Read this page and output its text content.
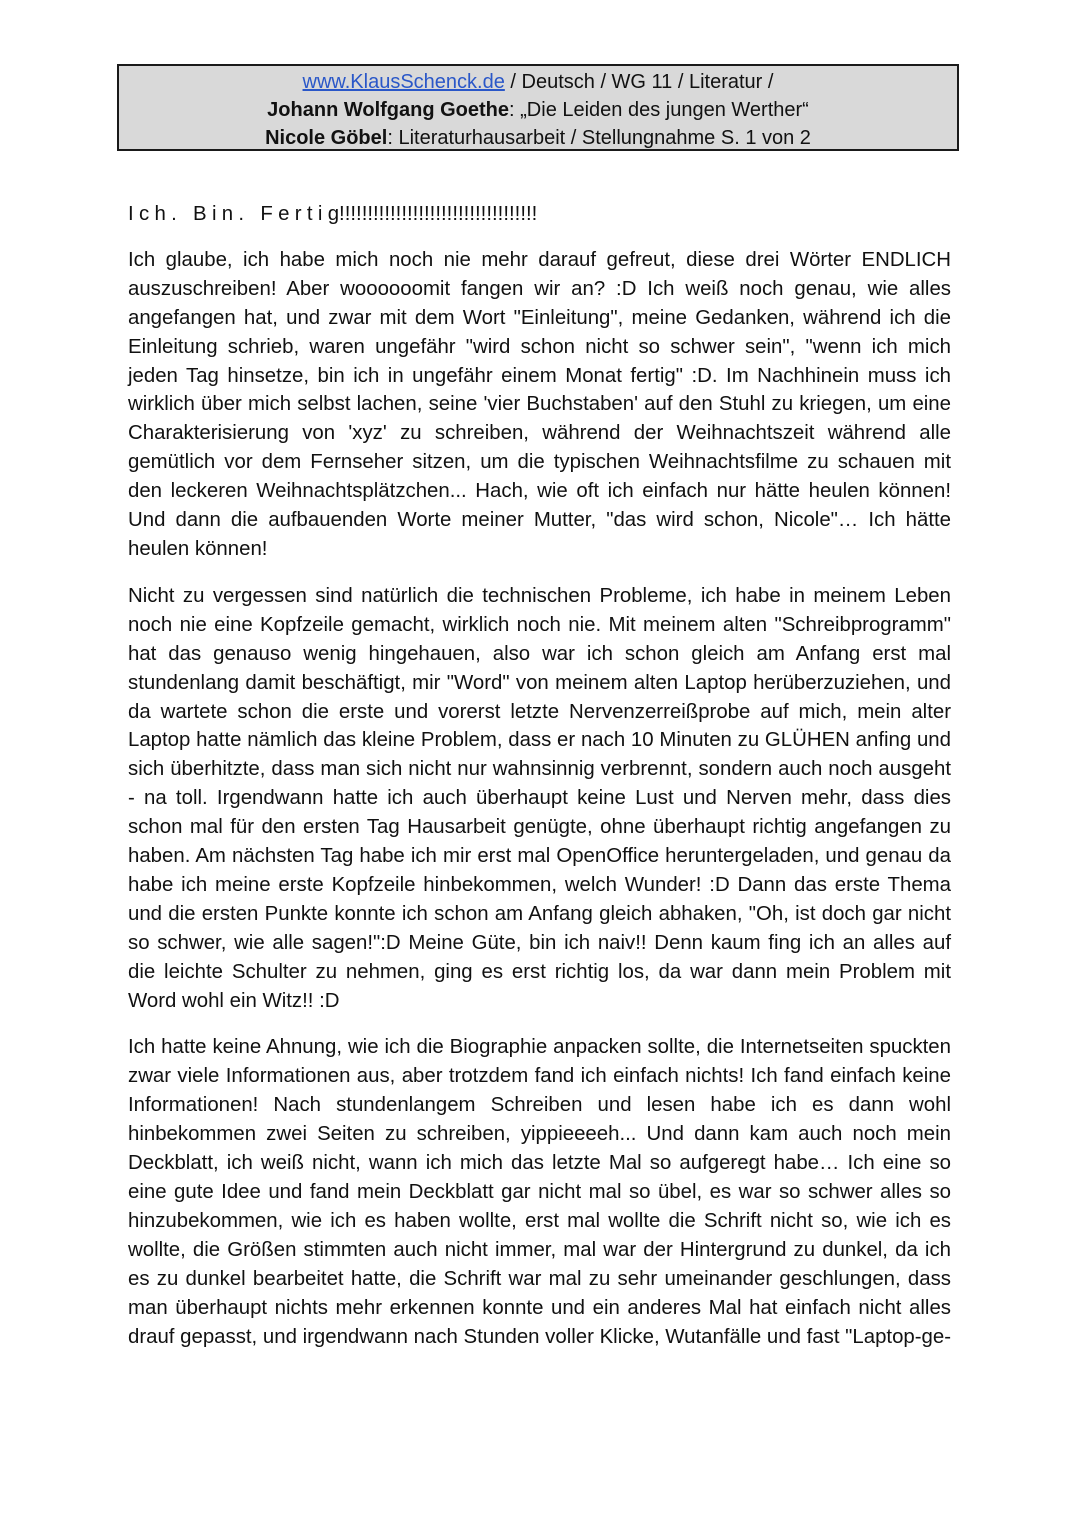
www.KlausSchenck.de / Deutsch / WG 11 / Literatur /
Johann Wolfgang Goethe: „Die Leiden des jungen Werther“
Nicole Göbel: Literaturhausarbeit / Stellungnahme S. 1 von 2

Ich. Bin. Fertig!!!!!!!!!!!!!!!!!!!!!!!!!!!!!!!!!!!

Ich glaube, ich habe mich noch nie mehr darauf gefreut, diese drei Wörter ENDLICH auszuschreiben! Aber woooooomit fangen wir an? :D Ich weiß noch genau, wie alles angefangen hat, und zwar mit dem Wort "Einleitung", meine Gedanken, während ich die Einleitung schrieb, waren ungefähr "wird schon nicht so schwer sein", "wenn ich mich jeden Tag hinsetze, bin ich in ungefähr einem Monat fertig" :D. Im Nachhinein muss ich wirklich über mich selbst lachen, seine 'vier Buchstaben' auf den Stuhl zu kriegen, um eine Charakterisierung von 'xyz' zu schreiben, während der Weihnachtszeit während alle gemütlich vor dem Fernseher sitzen, um die typischen Weihnachtsfilme zu schauen mit den leckeren Weihnachtsplätzchen... Hach, wie oft ich einfach nur hätte heulen können! Und dann die aufbauenden Worte meiner Mutter, "das wird schon, Nicole"… Ich hätte heulen können!

Nicht zu vergessen sind natürlich die technischen Probleme, ich habe in meinem Leben noch nie eine Kopfzeile gemacht, wirklich noch nie. Mit meinem alten "Schreibprogramm" hat das genauso wenig hingehauen, also war ich schon gleich am Anfang erst mal stundenlang damit beschäftigt, mir "Word" von meinem alten Laptop herüberzuziehen, und da wartete schon die erste und vorerst letzte Nervenzerreißprobe auf mich, mein alter Laptop hatte nämlich das kleine Problem, dass er nach 10 Minuten zu GLÜHEN anfing und sich überhitzte, dass man sich nicht nur wahnsinnig verbrennt, sondern auch noch ausgeht - na toll. Irgendwann hatte ich auch überhaupt keine Lust und Nerven mehr, dass dies schon mal für den ersten Tag Hausarbeit genügte, ohne überhaupt richtig angefangen zu haben. Am nächsten Tag habe ich mir erst mal OpenOffice heruntergeladen, und genau da habe ich meine erste Kopfzeile hinbekommen, welch Wunder! :D Dann das erste Thema und die ersten Punkte konnte ich schon am Anfang gleich abhaken, "Oh, ist doch gar nicht so schwer, wie alle sagen!":D Meine Güte, bin ich naiv!! Denn kaum fing ich an alles auf die leichte Schulter zu nehmen, ging es erst richtig los, da war dann mein Problem mit Word wohl ein Witz!! :D

Ich hatte keine Ahnung, wie ich die Biographie anpacken sollte, die Internetseiten spuckten zwar viele Informationen aus, aber trotzdem fand ich einfach nichts! Ich fand einfach keine Informationen! Nach stundenlangem Schreiben und lesen habe ich es dann wohl hinbekommen zwei Seiten zu schreiben, yippieeeeh... Und dann kam auch noch mein Deckblatt, ich weiß nicht, wann ich mich das letzte Mal so aufgeregt habe… Ich eine so eine gute Idee und fand mein Deckblatt gar nicht mal so übel, es war so schwer alles so hinzubekommen, wie ich es haben wollte, erst mal wollte die Schrift nicht so, wie ich es wollte, die Größen stimmten auch nicht immer, mal war der Hintergrund zu dunkel, da ich es zu dunkel bearbeitet hatte, die Schrift war mal zu sehr umeinander geschlungen, dass man überhaupt nichts mehr erkennen konnte und ein anderes Mal hat einfach nicht alles drauf gepasst, und irgendwann nach Stunden voller Klicke, Wutanfälle und fast "Laptop-ge-
